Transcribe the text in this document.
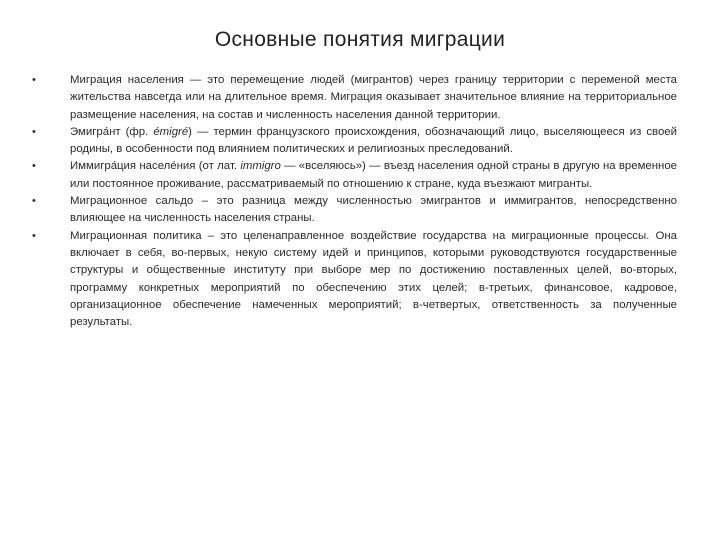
Основные понятия миграции
•	Миграция населения — это перемещение людей (мигрантов) через границу территории с переменой места жительства навсегда или на длительное время. Миграция оказывает значительное влияние на территориальное размещение населения, на состав и численность населения данной территории.
•	Эмигра́нт (фр. émigré) — термин французского происхождения, обозначающий лицо, выселяющееся из своей родины, в особенности под влиянием политических и религиозных преследований.
•	Иммигра́ция населе́ния (от лат. immigro — «вселяюсь») — въезд населения одной страны в другую на временное или постоянное проживание, рассматриваемый по отношению к стране, куда въезжают мигранты.
•	Миграционное сальдо – это разница между численностью эмигрантов и иммигрантов, непосредственно влияющее на численность населения страны.
•	Миграционная политика – это целенаправленное воздействие государства на миграционные процессы. Она включает в себя, во-первых, некую систему идей и принципов, которыми руководствуются государственные структуры и общественные институту при выборе мер по достижению поставленных целей, во-вторых, программу конкретных мероприятий по обеспечению этих целей; в-третьих, финансовое, кадровое, организационное обеспечение намеченных мероприятий; в-четвертых, ответственность за полученные результаты.
